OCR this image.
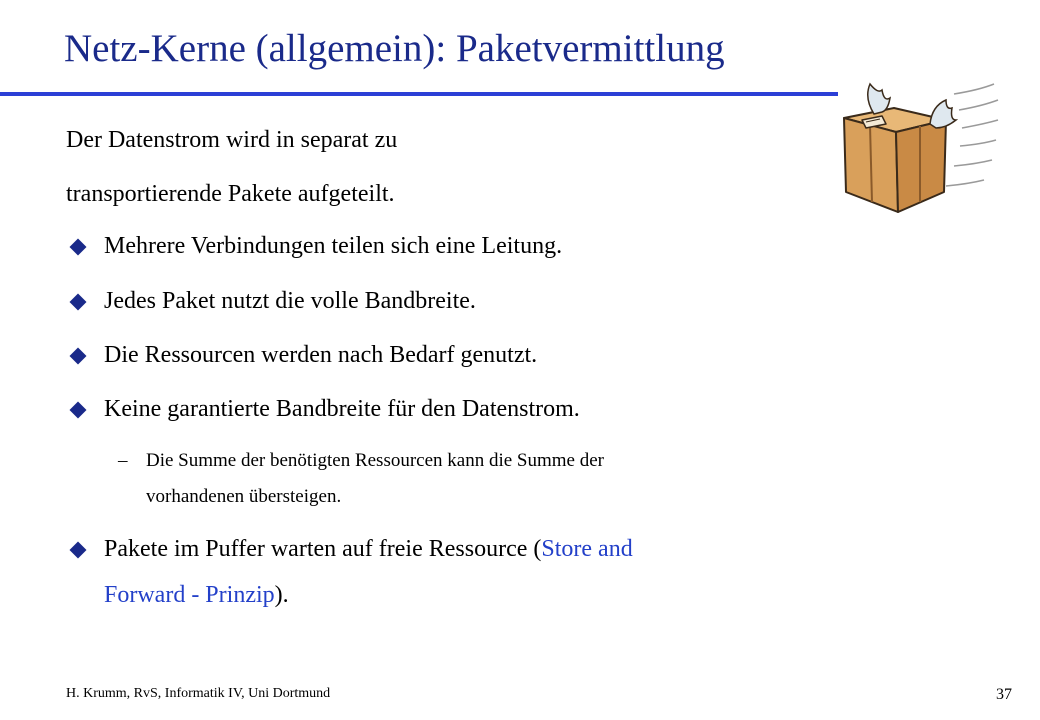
Netz-Kerne (allgemein): Paketvermittlung
Der Datenstrom wird in separat zu
transportierende Pakete aufgeteilt.
Mehrere Verbindungen teilen sich eine Leitung.
Jedes Paket nutzt die volle Bandbreite.
Die Ressourcen werden nach Bedarf genutzt.
Keine garantierte Bandbreite für den Datenstrom.
– Die Summe der benötigten Ressourcen kann die Summe der
vorhandenen übersteigen.
Pakete im Puffer warten auf freie Ressource (Store and
Forward - Prinzip).
H. Krumm, RvS, Informatik IV, Uni Dortmund	37
